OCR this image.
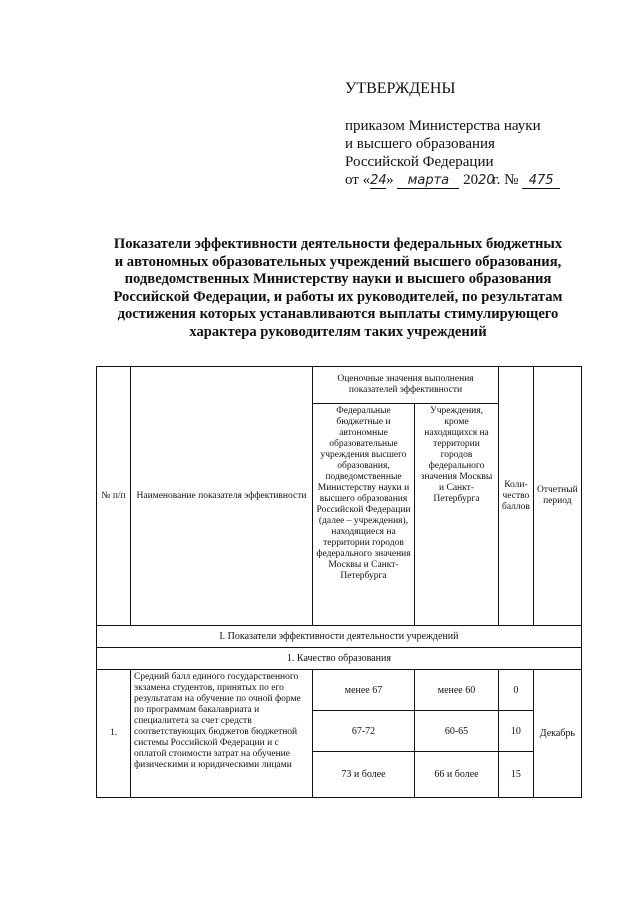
УТВЕРЖДЕНЫ
приказом Министерства науки
и высшего образования
Российской Федерации
от «24» марта 2020г. № 475
Показатели эффективности деятельности федеральных бюджетных
и автономных образовательных учреждений высшего образования,
подведомственных Министерству науки и высшего образования
Российской Федерации, и работы их руководителей, по результатам
достижения которых устанавливаются выплаты стимулирующего
характера руководителям таких учреждений
№ п/п	Наименование показателя эффективности	Оценочные значения выполнения показателей эффективности		Коли-чество баллов	Отчетный период
		Федеральные бюджетные и автономные образовательные учреждения высшего образования, подведомственные Министерству науки и высшего образования Российской Федерации (далее – учреждения), находящиеся на территории городов федерального значения Москвы и Санкт-Петербурга	Учреждения, кроме находящихся на территории городов федерального значения Москвы и Санкт-Петербурга		
I. Показатели эффективности деятельности учреждений					
1. Качество образования					
1.	Средний балл единого государственного экзамена студентов, принятых по его результатам на обучение по очной форме по программам бакалавриата и специалитета за счет средств соответствующих бюджетов бюджетной системы Российской Федерации и с оплатой стоимости затрат на обучение физическими и юридическими лицами	менее 67	менее 60	0	Декабрь
		67-72	60-65	10	
		73 и более	66 и более	15	
